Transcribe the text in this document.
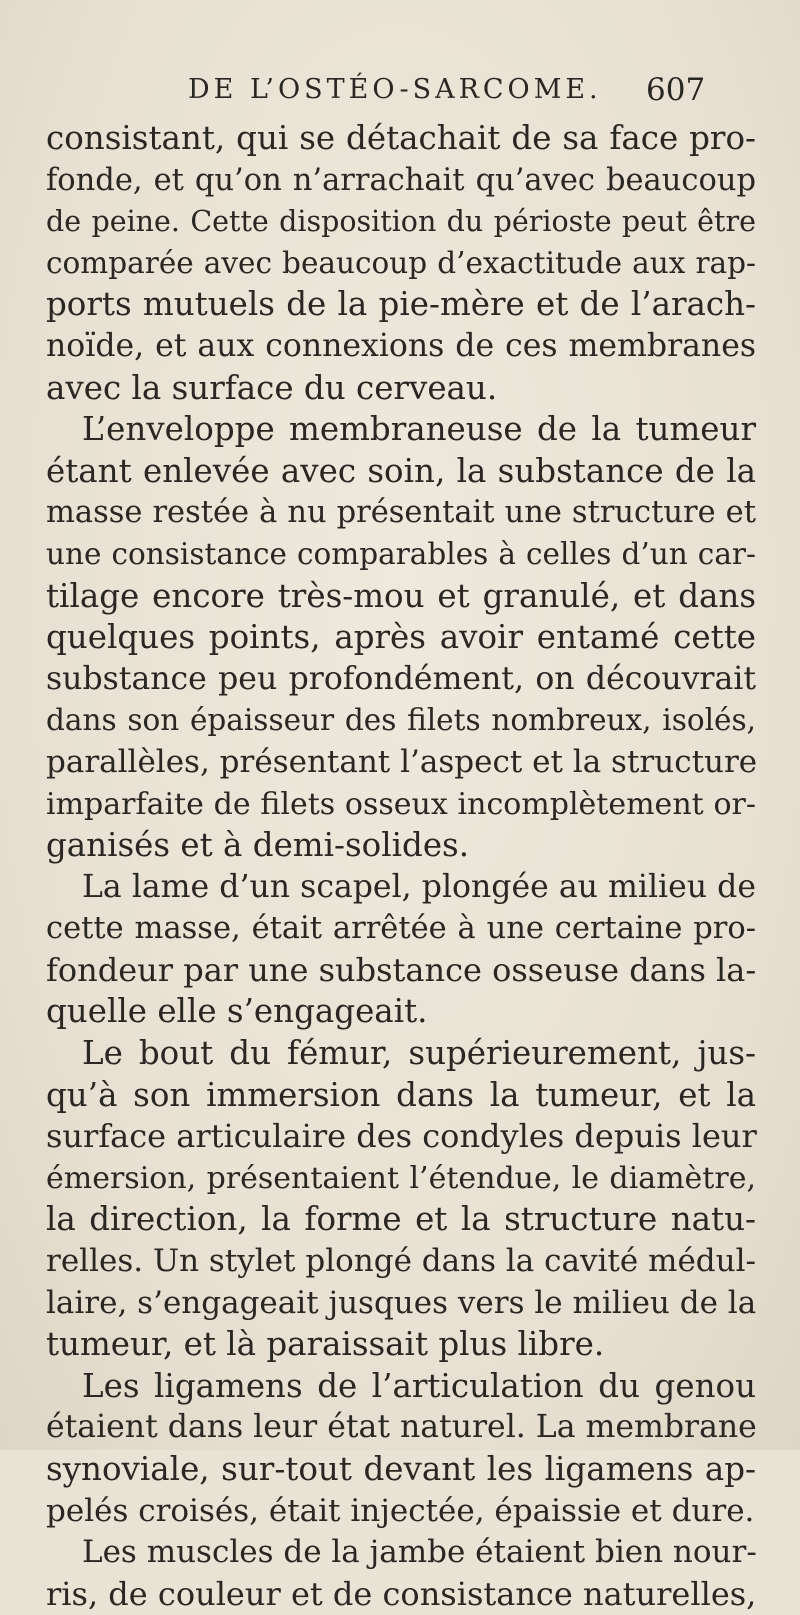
DE L’OSTÉO-SARCOME. 607
consistant, qui se détachait de sa face pro-
fonde, et qu’on n’arrachait qu’avec beaucoup
de peine. Cette disposition du périoste peut être
comparée avec beaucoup d’exactitude aux rap-
ports mutuels de la pie-mère et de l’arach-
noïde, et aux connexions de ces membranes
avec la surface du cerveau.
L’enveloppe membraneuse de la tumeur
étant enlevée avec soin, la substance de la
masse restée à nu présentait une structure et
une consistance comparables à celles d’un car-
tilage encore très-mou et granulé, et dans
quelques points, après avoir entamé cette
substance peu profondément, on découvrait
dans son épaisseur des filets nombreux, isolés,
parallèles, présentant l’aspect et la structure
imparfaite de filets osseux incomplètement or-
ganisés et à demi-solides.
La lame d’un scapel, plongée au milieu de
cette masse, était arrêtée à une certaine pro-
fondeur par une substance osseuse dans la-
quelle elle s’engageait.
Le bout du fémur, supérieurement, jus-
qu’à son immersion dans la tumeur, et la
surface articulaire des condyles depuis leur
émersion, présentaient l’étendue, le diamètre,
la direction, la forme et la structure natu-
relles. Un stylet plongé dans la cavité médul-
laire, s’engageait jusques vers le milieu de la
tumeur, et là paraissait plus libre.
Les ligamens de l’articulation du genou
étaient dans leur état naturel. La membrane
synoviale, sur-tout devant les ligamens ap-
pelés croisés, était injectée, épaissie et dure.
Les muscles de la jambe étaient bien nour-
ris, de couleur et de consistance naturelles,
